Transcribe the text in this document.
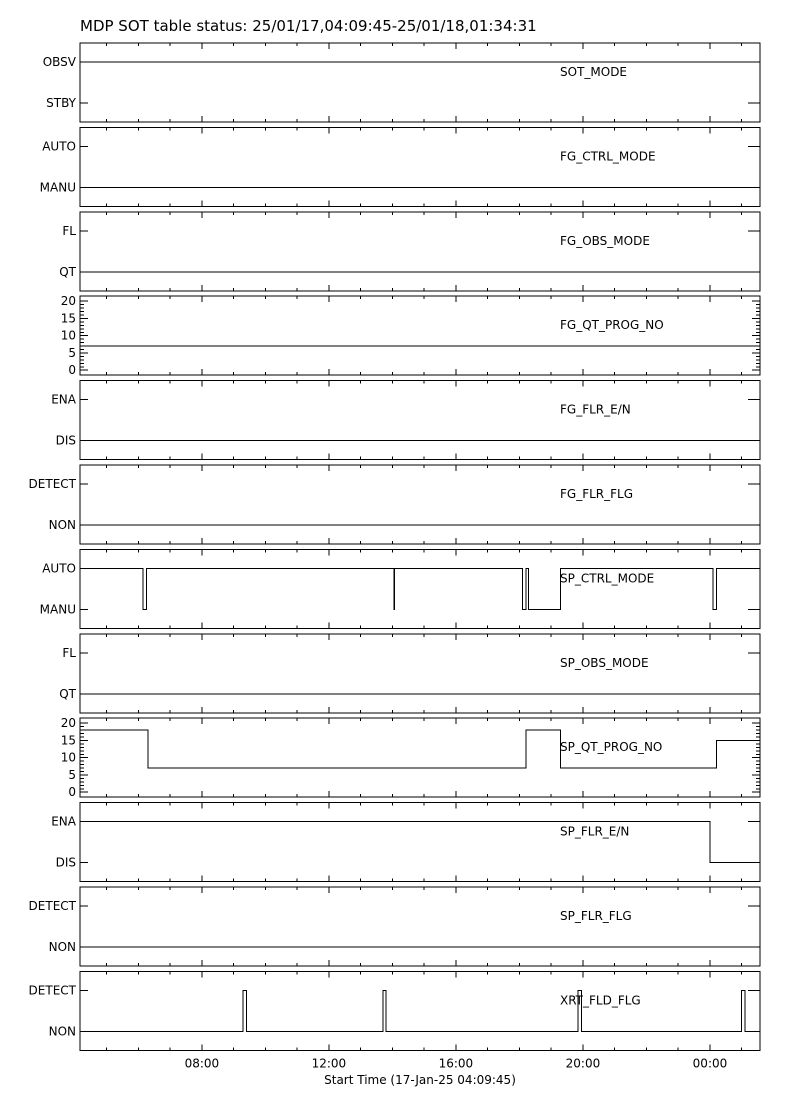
MDP SOT table status: 25/01/17,04:09:45-25/01/18,01:34:31
OBSV
STBY
SOT_MODE
AUTO
MANU
FG_CTRL_MODE
FL
QT
FG_OBS_MODE
0
5
10
15
20
FG_QT_PROG_NO
ENA
DIS
FG_FLR_E/N
DETECT
NON
FG_FLR_FLG
AUTO
MANU
SP_CTRL_MODE
FL
QT
SP_OBS_MODE
0
5
10
15
20
SP_QT_PROG_NO
ENA
DIS
SP_FLR_E/N
DETECT
NON
SP_FLR_FLG
DETECT
NON
XRT_FLD_FLG
08:00	12:00	16:00	20:00	00:00
Start Time (17-Jan-25 04:09:45)
